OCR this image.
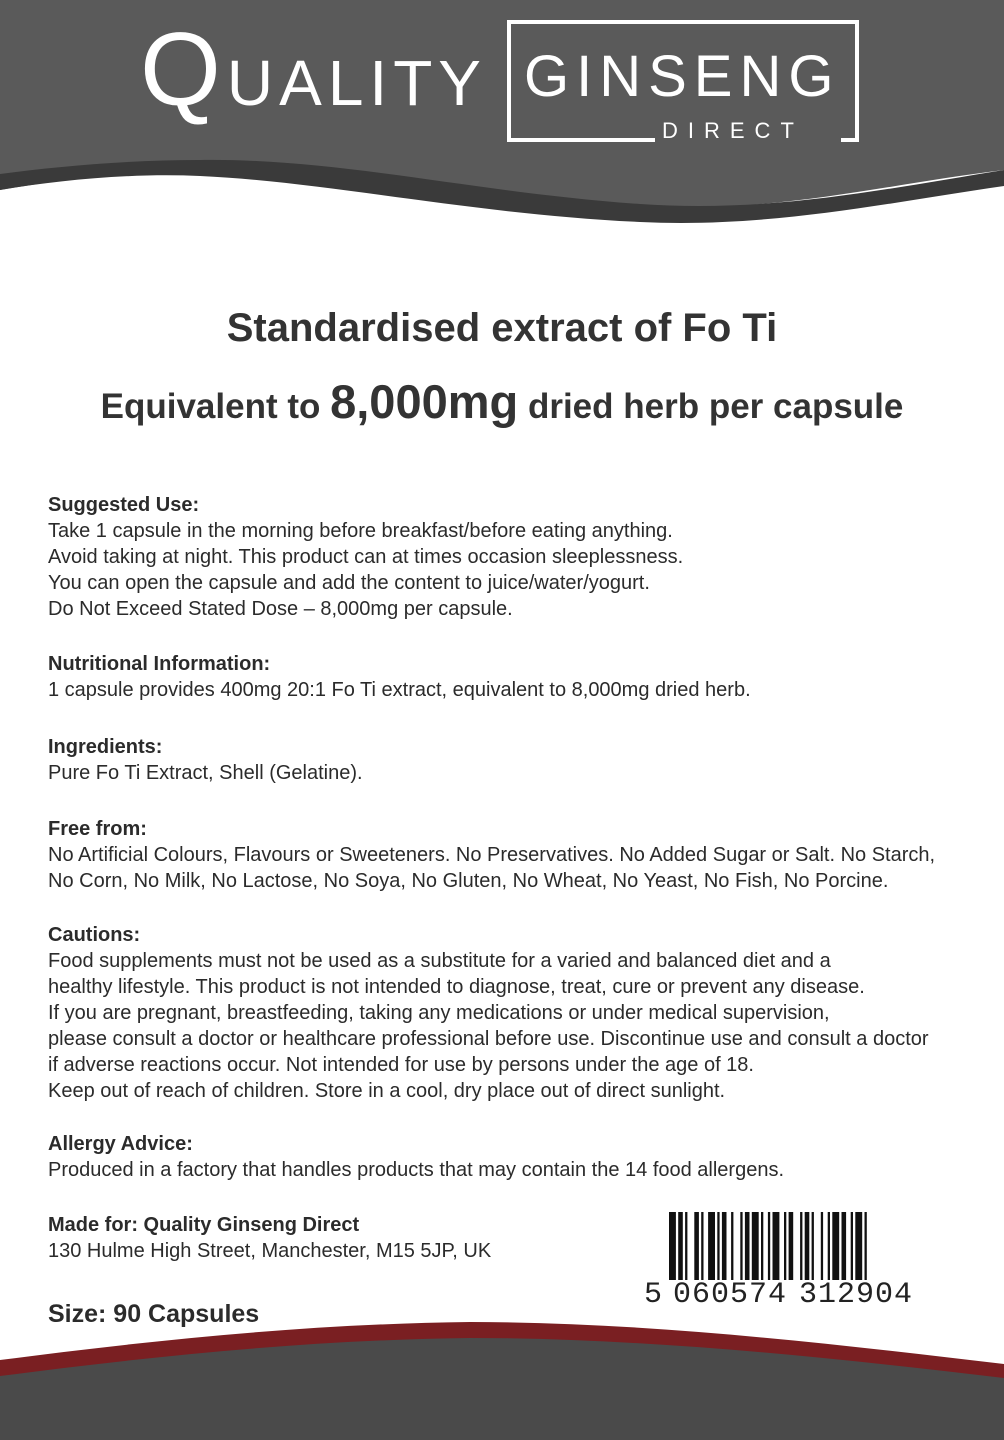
QUALITY GINSENG
DIRECT
Standardised extract of Fo Ti
Equivalent to 8,000mg dried herb per capsule
Suggested Use:
Take 1 capsule in the morning before breakfast/before eating anything.
Avoid taking at night. This product can at times occasion sleeplessness.
You can open the capsule and add the content to juice/water/yogurt.
Do Not Exceed Stated Dose – 8,000mg per capsule.
Nutritional Information:
1 capsule provides 400mg 20:1 Fo Ti extract, equivalent to 8,000mg dried herb.
Ingredients:
Pure Fo Ti Extract, Shell (Gelatine).
Free from:
No Artificial Colours, Flavours or Sweeteners. No Preservatives. No Added Sugar or Salt. No Starch,
No Corn, No Milk, No Lactose, No Soya, No Gluten, No Wheat, No Yeast, No Fish, No Porcine.
Cautions:
Food supplements must not be used as a substitute for a varied and balanced diet and a
healthy lifestyle. This product is not intended to diagnose, treat, cure or prevent any disease.
If you are pregnant, breastfeeding, taking any medications or under medical supervision,
please consult a doctor or healthcare professional before use. Discontinue use and consult a doctor
if adverse reactions occur. Not intended for use by persons under the age of 18.
Keep out of reach of children. Store in a cool, dry place out of direct sunlight.
Allergy Advice:
Produced in a factory that handles products that may contain the 14 food allergens.
Made for: Quality Ginseng Direct
130 Hulme High Street, Manchester, M15 5JP, UK
5 060574 312904
Size: 90 Capsules
